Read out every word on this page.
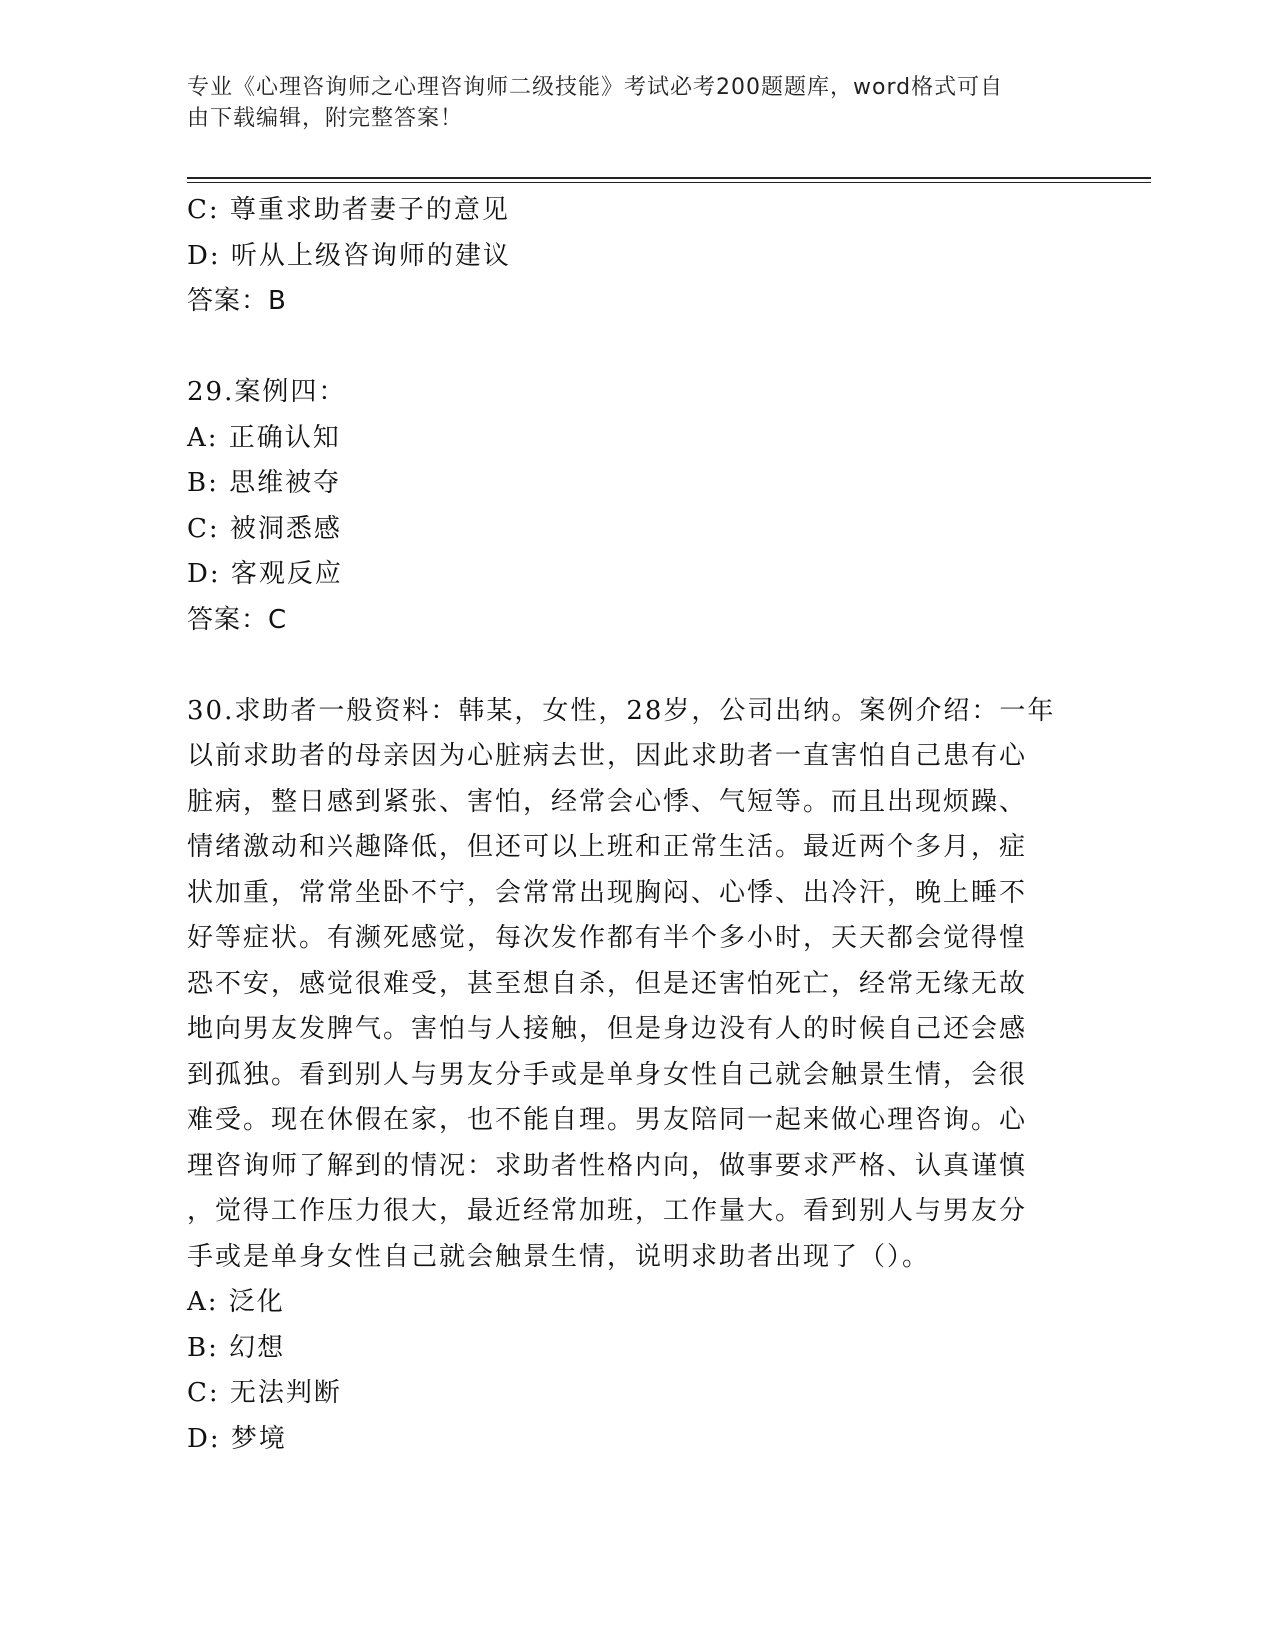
专业《心理咨询师之心理咨询师二级技能》考试必考200题题库，word格式可自
由下载编辑，附完整答案！
C: 尊重求助者妻子的意见
D: 听从上级咨询师的建议
答案：B
29.案例四：
A: 正确认知
B: 思维被夺
C: 被洞悉感
D: 客观反应
答案：C
30.求助者一般资料：韩某，女性，28岁，公司出纳。案例介绍：一年
以前求助者的母亲因为心脏病去世，因此求助者一直害怕自己患有心
脏病，整日感到紧张、害怕，经常会心悸、气短等。而且出现烦躁、
情绪激动和兴趣降低，但还可以上班和正常生活。最近两个多月，症
状加重，常常坐卧不宁，会常常出现胸闷、心悸、出冷汗，晚上睡不
好等症状。有濒死感觉，每次发作都有半个多小时，天天都会觉得惶
恐不安，感觉很难受，甚至想自杀，但是还害怕死亡，经常无缘无故
地向男友发脾气。害怕与人接触，但是身边没有人的时候自己还会感
到孤独。看到别人与男友分手或是单身女性自己就会触景生情，会很
难受。现在休假在家，也不能自理。男友陪同一起来做心理咨询。心
理咨询师了解到的情况：求助者性格内向，做事要求严格、认真谨慎
，觉得工作压力很大，最近经常加班，工作量大。看到别人与男友分
手或是单身女性自己就会触景生情，说明求助者出现了（）。
A: 泛化
B: 幻想
C: 无法判断
D: 梦境
